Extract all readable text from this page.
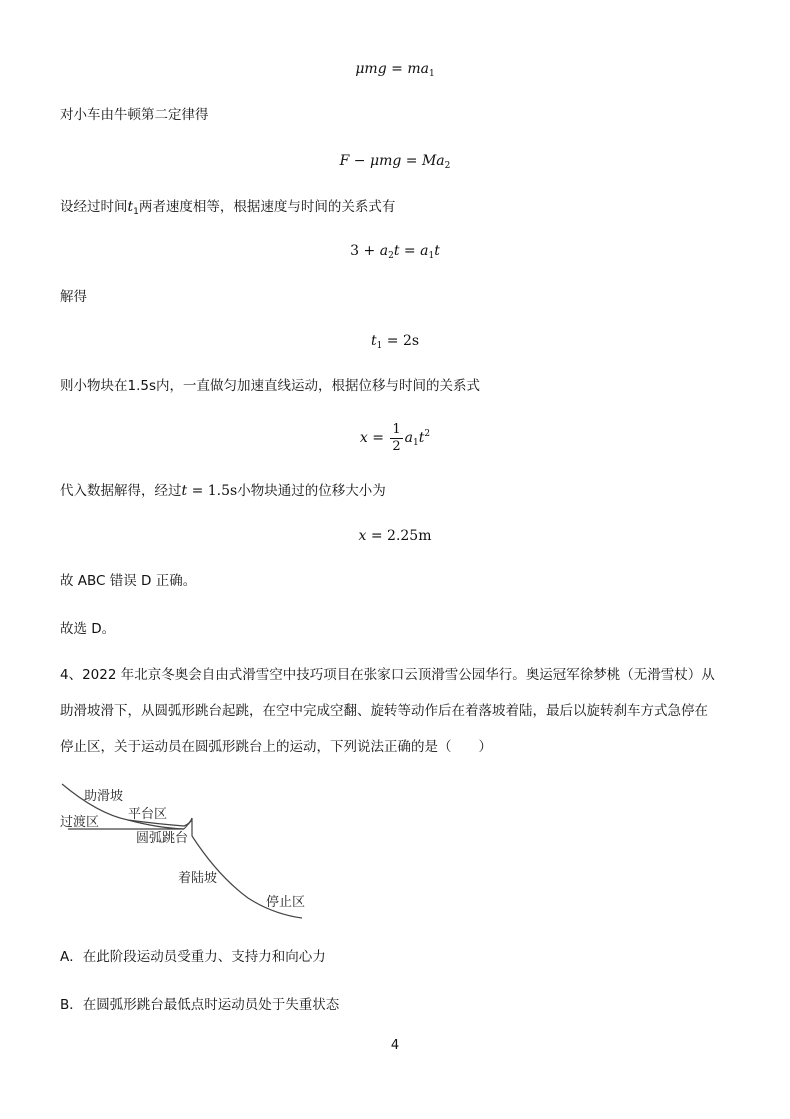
$\mu mg = ma_1$
对小车由牛顿第二定律得
$F - \mu mg = Ma_2$
设经过时间$t_1$两者速度相等，根据速度与时间的关系式有
$3 + a_2t = a_1t$
解得
$t_1 = 2s$
则小物块在1.5s内，一直做匀加速直线运动，根据位移与时间的关系式
$x = \frac{1}{2} a_1t^2$
代入数据解得，经过t = 1.5s小物块通过的位移大小为
x = 2.25m
故 ABC 错误 D 正确。
故选 D。
4、2022 年北京冬奥会自由式滑雪空中技巧项目在张家口云顶滑雪公园华行。奥运冠军徐梦桃（无滑雪杖）从
助滑坡滑下，从圆弧形跳台起跳，在空中完成空翻、旋转等动作后在着落坡着陆，最后以旋转刹车方式急停在
停止区，关于运动员在圆弧形跳台上的运动，下列说法正确的是（　　）
助滑坡
平台区
过渡区
圆弧跳台
着陆坡
停止区
A．在此阶段运动员受重力、支持力和向心力
B．在圆弧形跳台最低点时运动员处于失重状态
4
